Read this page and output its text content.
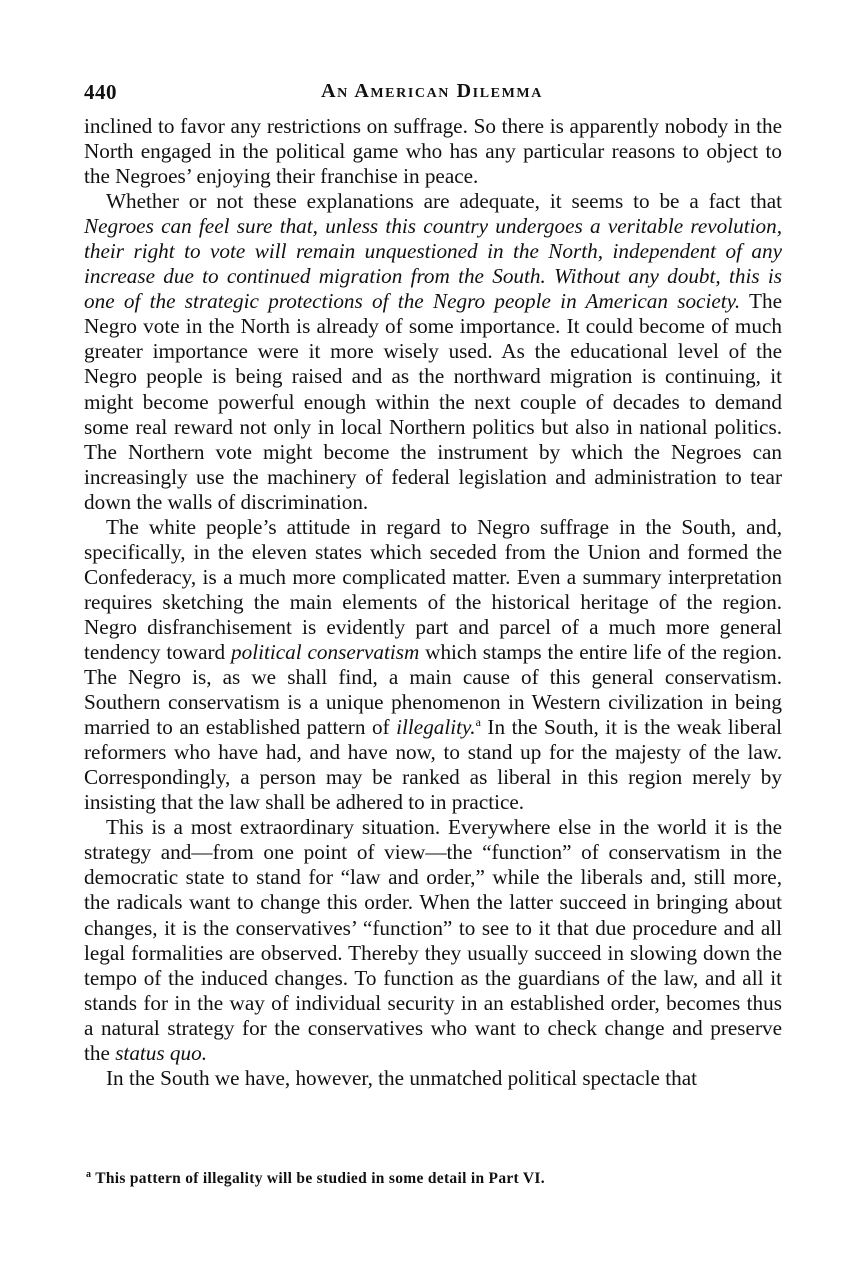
440	An American Dilemma

inclined to favor any restrictions on suffrage. So there is apparently nobody in the North engaged in the political game who has any particular reasons to object to the Negroes’ enjoying their franchise in peace.

Whether or not these explanations are adequate, it seems to be a fact that Negroes can feel sure that, unless this country undergoes a veritable revolution, their right to vote will remain unquestioned in the North, independent of any increase due to continued migration from the South. Without any doubt, this is one of the strategic protections of the Negro people in American society. The Negro vote in the North is already of some importance. It could become of much greater importance were it more wisely used. As the educational level of the Negro people is being raised and as the northward migration is continuing, it might become powerful enough within the next couple of decades to demand some real reward not only in local Northern politics but also in national politics. The Northern vote might become the instrument by which the Negroes can increasingly use the machinery of federal legislation and administration to tear down the walls of discrimination.

The white people’s attitude in regard to Negro suffrage in the South, and, specifically, in the eleven states which seceded from the Union and formed the Confederacy, is a much more complicated matter. Even a summary interpretation requires sketching the main elements of the historical heritage of the region. Negro disfranchisement is evidently part and parcel of a much more general tendency toward political conservatism which stamps the entire life of the region. The Negro is, as we shall find, a main cause of this general conservatism. Southern conservatism is a unique phenomenon in Western civilization in being married to an established pattern of illegality.$^a$ In the South, it is the weak liberal reformers who have had, and have now, to stand up for the majesty of the law. Correspondingly, a person may be ranked as liberal in this region merely by insisting that the law shall be adhered to in practice.

This is a most extraordinary situation. Everywhere else in the world it is the strategy and—from one point of view—the “function” of conservatism in the democratic state to stand for “law and order,” while the liberals and, still more, the radicals want to change this order. When the latter succeed in bringing about changes, it is the conservatives’ “function” to see to it that due procedure and all legal formalities are observed. Thereby they usually succeed in slowing down the tempo of the induced changes. To function as the guardians of the law, and all it stands for in the way of individual security in an established order, becomes thus a natural strategy for the conservatives who want to check change and preserve the status quo.

In the South we have, however, the unmatched political spectacle that

$^a$ This pattern of illegality will be studied in some detail in Part VI.
